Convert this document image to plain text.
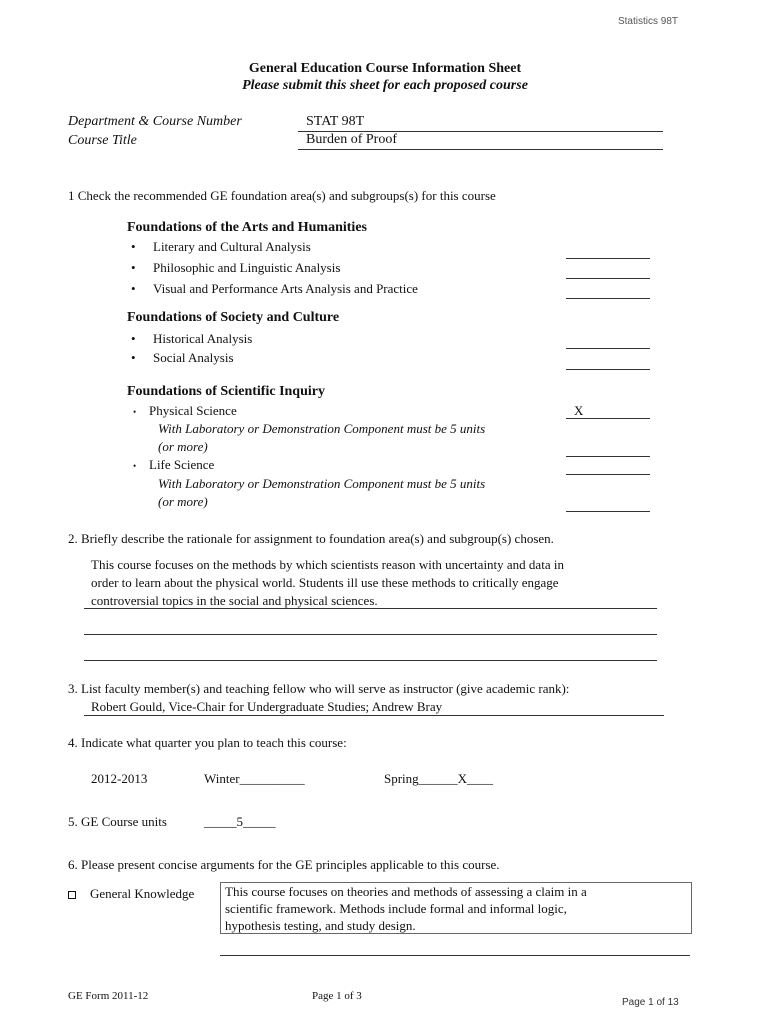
Statistics 98T
General Education Course Information Sheet
Please submit this sheet for each proposed course
Department & Course Number	STAT 98T
Course Title	Burden of Proof
1 Check the recommended GE foundation area(s) and subgroups(s) for this course
Foundations of the Arts and Humanities
• Literary and Cultural Analysis
• Philosophic and Linguistic Analysis
• Visual and Performance Arts Analysis and Practice
Foundations of Society and Culture
• Historical Analysis
• Social Analysis
Foundations of Scientific Inquiry
• Physical Science	X
With Laboratory or Demonstration Component must be 5 units
(or more)
• Life Science
With Laboratory or Demonstration Component must be 5 units
(or more)
2. Briefly describe the rationale for assignment to foundation area(s) and subgroup(s) chosen.
This course focuses on the methods by which scientists reason with uncertainty and data in
order to learn about the physical world. Students ill use these methods to critically engage
controversial topics in the social and physical sciences.
3. List faculty member(s) and teaching fellow who will serve as instructor (give academic rank):
Robert Gould, Vice-Chair for Undergraduate Studies; Andrew Bray
4. Indicate what quarter you plan to teach this course:
2012-2013	Winter__________	Spring______X____
5. GE Course units	_____5_____
6. Please present concise arguments for the GE principles applicable to this course.
General Knowledge This course focuses on theories and methods of assessing a claim in a
scientific framework. Methods include formal and informal logic,
hypothesis testing, and study design.
GE Form 2011-12	Page 1 of 3
Page 1 of 13
